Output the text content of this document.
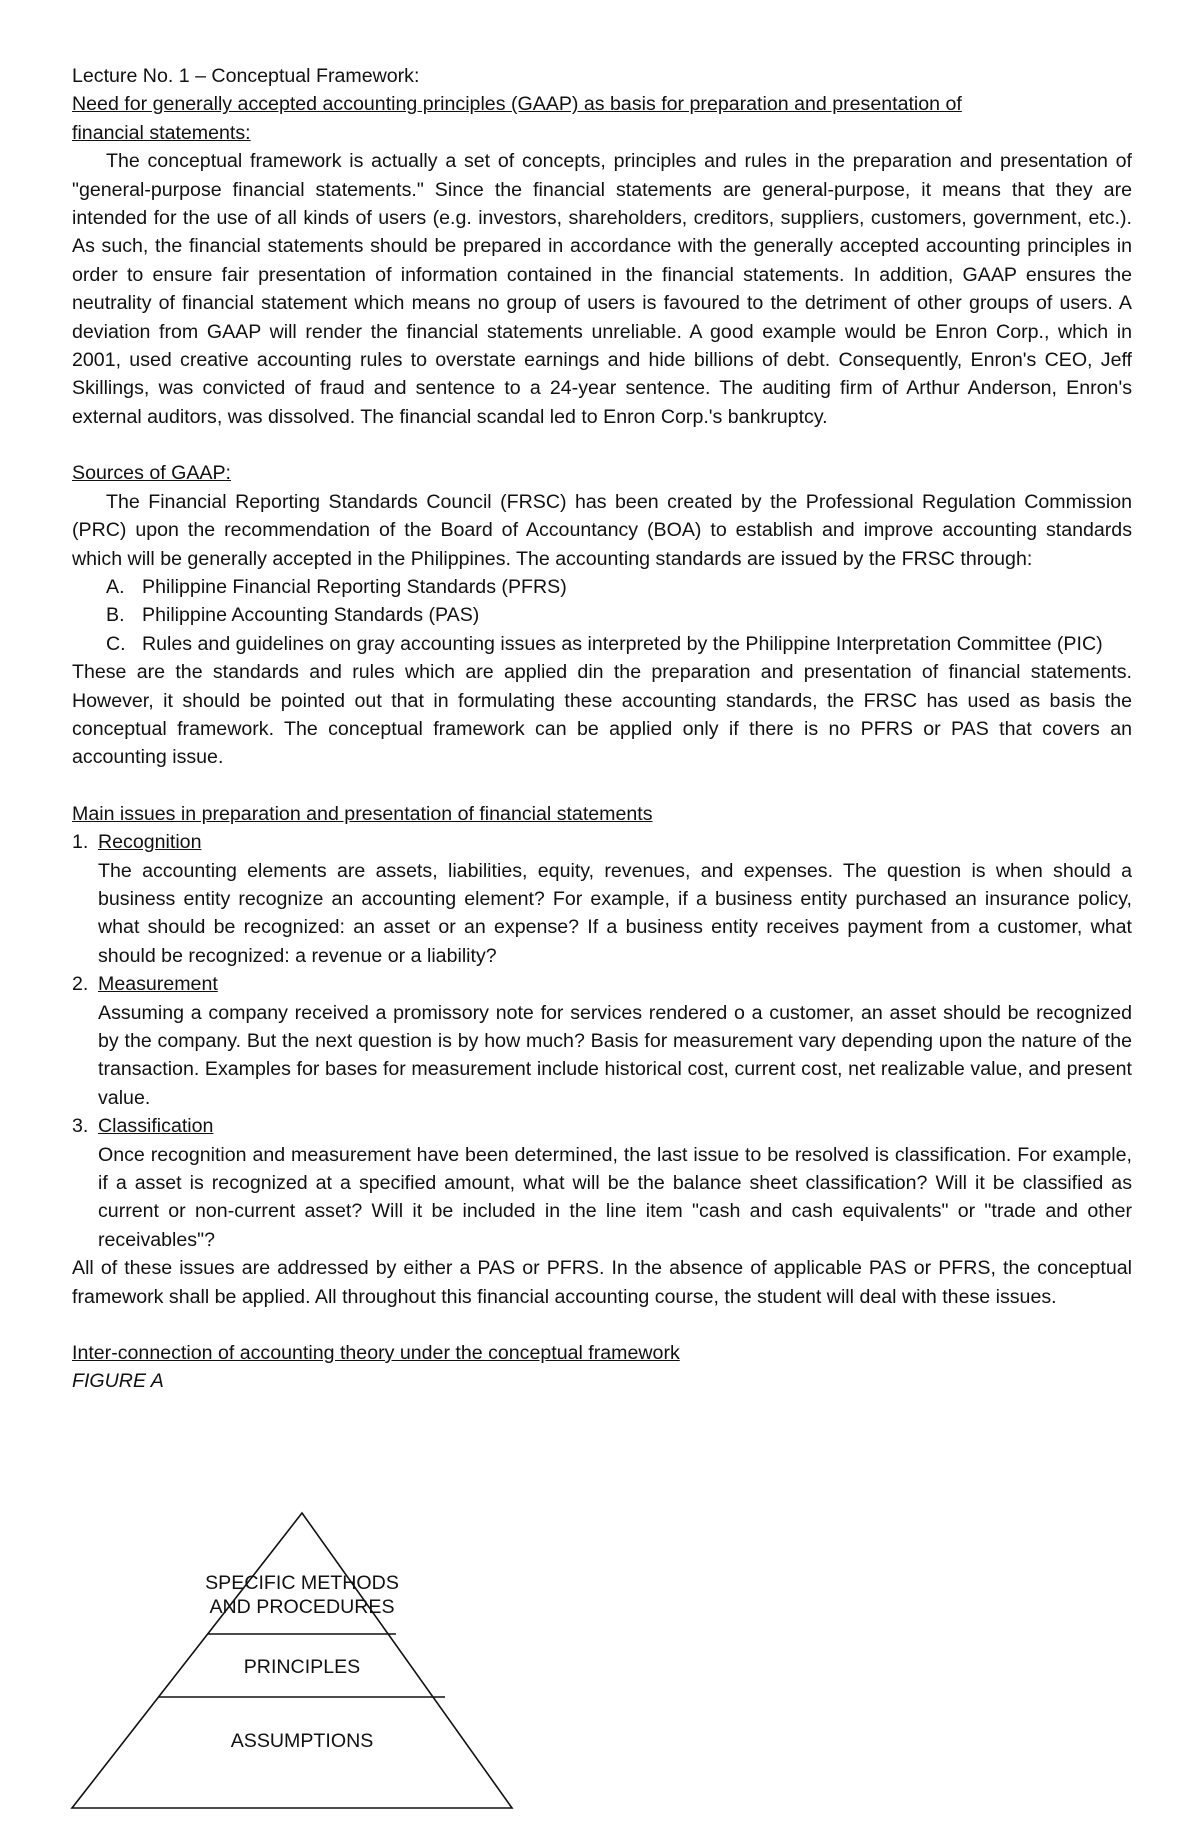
Lecture No. 1 – Conceptual Framework:

Need for generally accepted accounting principles (GAAP) as basis for preparation and presentation of

financial statements:

The conceptual framework is actually a set of concepts, principles and rules in the preparation and presentation of "general-purpose financial statements." Since the financial statements are general-purpose, it means that they are intended for the use of all kinds of users (e.g. investors, shareholders, creditors, suppliers, customers, government, etc.). As such, the financial statements should be prepared in accordance with the generally accepted accounting principles in order to ensure fair presentation of information contained in the financial statements. In addition, GAAP ensures the neutrality of financial statement which means no group of users is favoured to the detriment of other groups of users. A deviation from GAAP will render the financial statements unreliable. A good example would be Enron Corp., which in 2001, used creative accounting rules to overstate earnings and hide billions of debt. Consequently, Enron's CEO, Jeff Skillings, was convicted of fraud and sentence to a 24-year sentence. The auditing firm of Arthur Anderson, Enron's external auditors, was dissolved. The financial scandal led to Enron Corp.'s bankruptcy.

Sources of GAAP:

The Financial Reporting Standards Council (FRSC) has been created by the Professional Regulation Commission (PRC) upon the recommendation of the Board of Accountancy (BOA) to establish and improve accounting standards which will be generally accepted in the Philippines. The accounting standards are issued by the FRSC through:

A. Philippine Financial Reporting Standards (PFRS)
B. Philippine Accounting Standards (PAS)
C. Rules and guidelines on gray accounting issues as interpreted by the Philippine Interpretation Committee (PIC)

These are the standards and rules which are applied din the preparation and presentation of financial statements. However, it should be pointed out that in formulating these accounting standards, the FRSC has used as basis the conceptual framework. The conceptual framework can be applied only if there is no PFRS or PAS that covers an accounting issue.

Main issues in preparation and presentation of financial statements

1. Recognition
The accounting elements are assets, liabilities, equity, revenues, and expenses. The question is when should a business entity recognize an accounting element? For example, if a business entity purchased an insurance policy, what should be recognized: an asset or an expense? If a business entity receives payment from a customer, what should be recognized: a revenue or a liability?
2. Measurement
Assuming a company received a promissory note for services rendered o a customer, an asset should be recognized by the company. But the next question is by how much? Basis for measurement vary depending upon the nature of the transaction. Examples for bases for measurement include historical cost, current cost, net realizable value, and present value.
3. Classification
Once recognition and measurement have been determined, the last issue to be resolved is classification. For example, if a asset is recognized at a specified amount, what will be the balance sheet classification? Will it be classified as current or non-current asset? Will it be included in the line item "cash and cash equivalents" or "trade and other receivables"?

All of these issues are addressed by either a PAS or PFRS. In the absence of applicable PAS or PFRS, the conceptual framework shall be applied. All throughout this financial accounting course, the student will deal with these issues.

Inter-connection of accounting theory under the conceptual framework

FIGURE A

SPECIFIC METHODS
AND PROCEDURES
PRINCIPLES
ASSUMPTIONS
